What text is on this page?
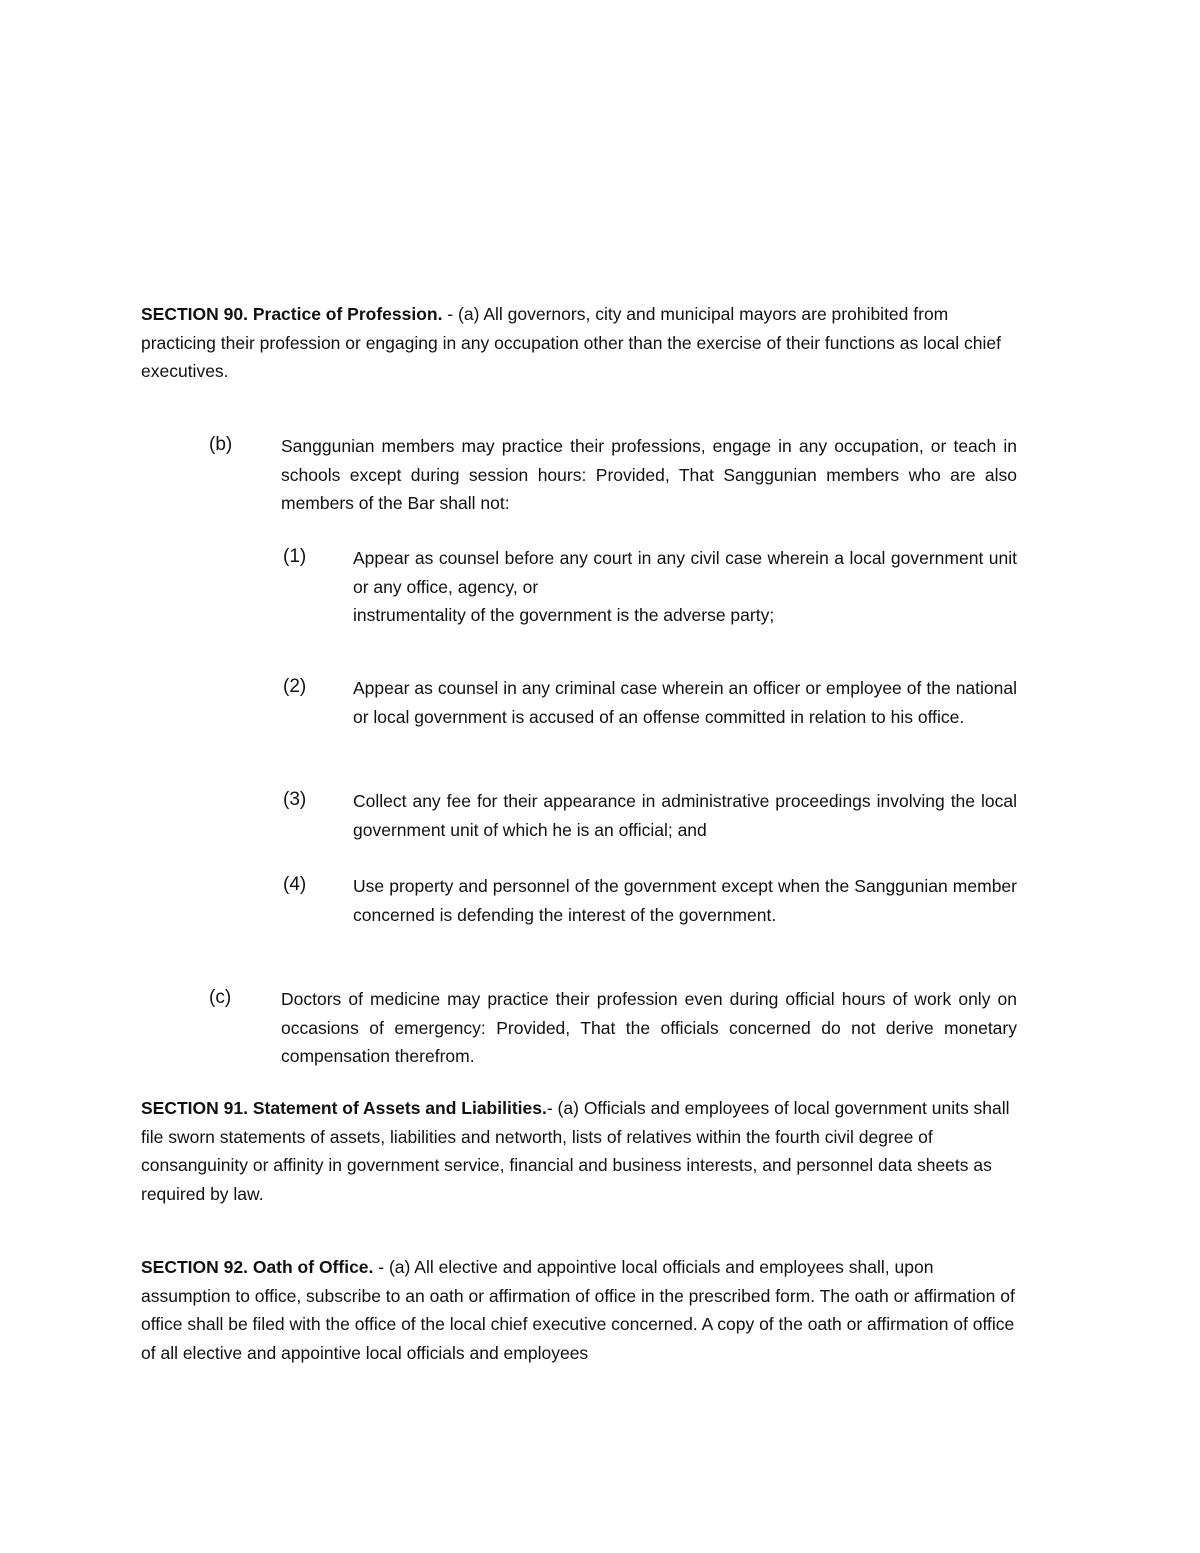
SECTION 90. Practice of Profession. - (a) All governors, city and municipal mayors are prohibited from practicing their profession or engaging in any occupation other than the exercise of their functions as local chief executives.

(b)	Sanggunian members may practice their professions, engage in any occupation, or teach in schools except during session hours: Provided, That Sanggunian members who are also members of the Bar shall not:

(1)	Appear as counsel before any court in any civil case wherein a local government unit or any office, agency, or
instrumentality of the government is the adverse party;

(2)	Appear as counsel in any criminal case wherein an officer or employee of the national or local government is accused of an offense committed in relation to his office.

(3)	Collect any fee for their appearance in administrative proceedings involving the local government unit of which he is an official; and

(4)	Use property and personnel of the government except when the Sanggunian member concerned is defending the interest of the government.

(c)	Doctors of medicine may practice their profession even during official hours of work only on occasions of emergency: Provided, That the officials concerned do not derive monetary compensation therefrom.

SECTION 91. Statement of Assets and Liabilities.- (a) Officials and employees of local government units shall file sworn statements of assets, liabilities and networth, lists of relatives within the fourth civil degree of consanguinity or affinity in government service, financial and business interests, and personnel data sheets as required by law.

SECTION 92. Oath of Office. - (a) All elective and appointive local officials and employees shall, upon assumption to office, subscribe to an oath or affirmation of office in the prescribed form. The oath or affirmation of office shall be filed with the office of the local chief executive concerned. A copy of the oath or affirmation of office of all elective and appointive local officials and employees
